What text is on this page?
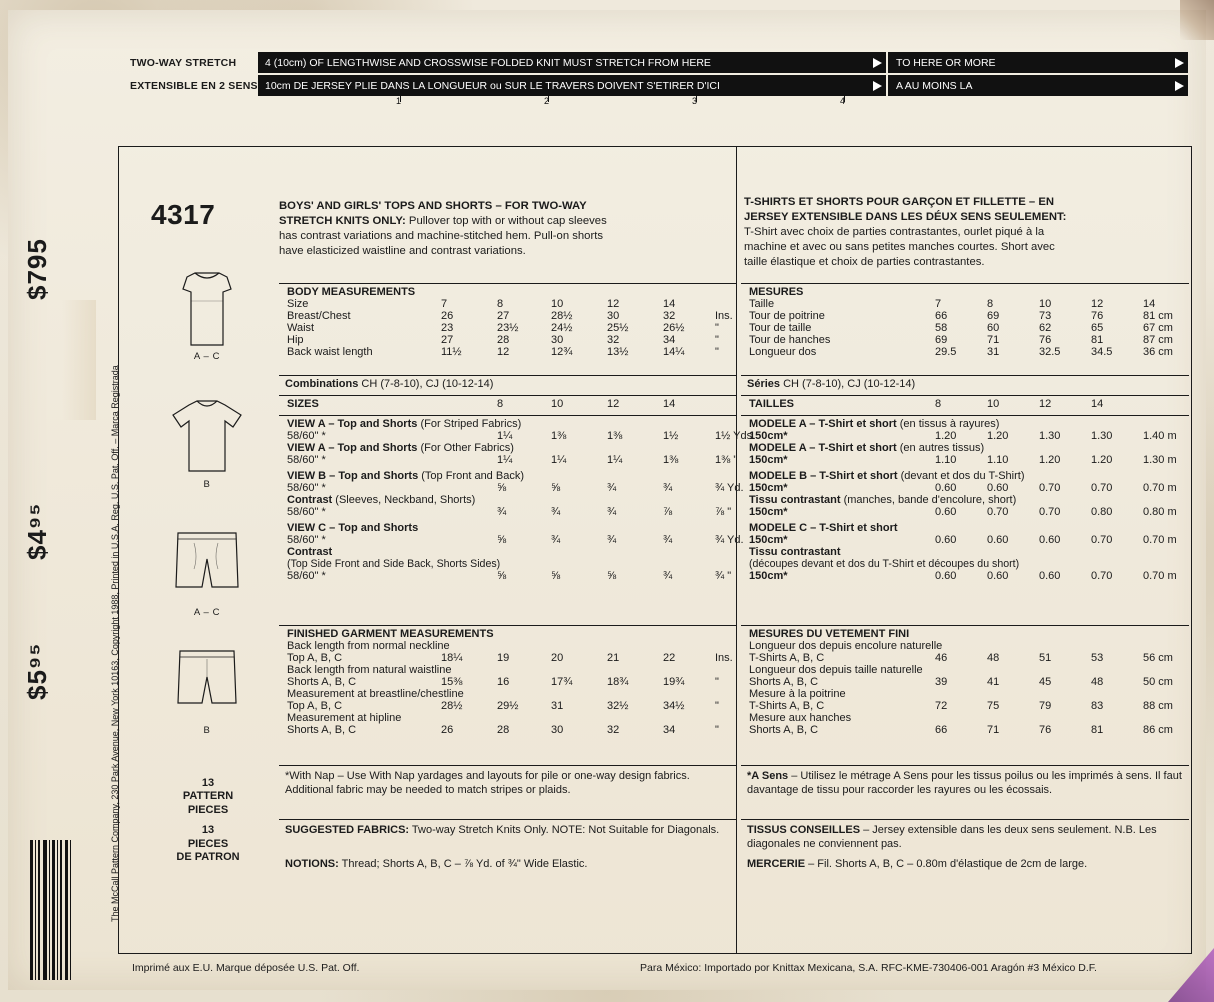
TWO-WAY STRETCH	4 (10cm) OF LENGTHWISE AND CROSSWISE FOLDED KNIT MUST STRETCH FROM HERE	TO HERE OR MORE
EXTENSIBLE EN 2 SENS 10cm DE JERSEY PLIE DANS LA LONGUEUR ou SUR LE TRAVERS DOIVENT S'ETIRER D'ICI	A AU MOINS LA
1	2	3	4
The McCall Pattern Company, 230 Park Avenue, New York 10163, Copyright 1988, Printed in U.S.A. Reg. U.S. Pat. Off. – Marca Registrada
$795
$4⁹⁵
$5⁹⁵
4317	BOYS' AND GIRLS' TOPS AND SHORTS – FOR TWO-WAY STRETCH KNITS ONLY: Pullover top with or without cap sleeves has contrast variations and machine-stitched hem. Pull-on shorts have elasticized waistline and contrast variations.
T-SHIRTS ET SHORTS POUR GARÇON ET FILLETTE – EN JERSEY EXTENSIBLE DANS LES DÉUX SENS SEULEMENT: T-Shirt avec choix de parties contrastantes, ourlet piqué à la machine et avec ou sans petites manches courtes. Short avec taille élastique et choix de parties contrastantes.
A – C
B
A – C
B
13
PATTERN
PIECES
13
PIECES
DE PATRON
BODY MEASUREMENTS						
Size	7	8	10	12	14	
Breast/Chest	26	27	28½	30	32	Ins.
Waist	23	23½	24½	25½	26½	"
Hip	27	28	30	32	34	"
Back waist length	11½	12	12¾	13½	14¼	"
Combinations CH (7-8-10), CJ (10-12-14)
SIZES		8	10	12	14
VIEW A – Top and Shorts (For Striped Fabrics)						
58/60" *		1¼	1⅜	1⅜	1½	1½ Yds.
VIEW A – Top and Shorts (For Other Fabrics)						
58/60" *		1¼	1¼	1¼	1⅜	1⅜ "
VIEW B – Top and Shorts (Top Front and Back)						
58/60" *		⅝	⅝	¾	¾	¾ Yd.
Contrast (Sleeves, Neckband, Shorts)						
58/60" *		¾	¾	¾	⅞	⅞ "
VIEW C – Top and Shorts						
58/60" *		⅝	¾	¾	¾	¾ Yd.
Contrast						
(Top Side Front and Side Back, Shorts Sides)						
58/60" *		⅝	⅝	⅝	¾	¾ "
FINISHED GARMENT MEASUREMENTS						
Back length from normal neckline						
Top A, B, C	18¼	19	20	21	22	Ins.
Back length from natural waistline						
Shorts A, B, C	15⅜	16	17¾	18¾	19¾	"
Measurement at breastline/chestline						
Top A, B, C	28½	29½	31	32½	34½	"
Measurement at hipline						
Shorts A, B, C	26	28	30	32	34	"
*With Nap – Use With Nap yardages and layouts for pile or one-way design fabrics. Additional fabric may be needed to match stripes or plaids.
SUGGESTED FABRICS: Two-way Stretch Knits Only. NOTE: Not Suitable for Diagonals.
NOTIONS: Thread; Shorts A, B, C – ⅞ Yd. of ¾" Wide Elastic.
MESURES					
Taille	7	8	10	12	14
Tour de poitrine	66	69	73	76	81 cm
Tour de taille	58	60	62	65	67 cm
Tour de hanches	69	71	76	81	87 cm
Longueur dos	29.5	31	32.5	34.5	36 cm
Séries CH (7-8-10), CJ (10-12-14)
TAILLES	8	10	12	14
MODELE A – T-Shirt et short (en tissus à rayures)					
150cm*	1.20	1.20	1.30	1.30	1.40 m
MODELE A – T-Shirt et short (en autres tissus)					
150cm*	1.10	1.10	1.20	1.20	1.30 m
MODELE B – T-Shirt et short (devant et dos du T-Shirt)					
150cm*	0.60	0.60	0.70	0.70	0.70 m
Tissu contrastant (manches, bande d'encolure, short)					
150cm*	0.60	0.70	0.70	0.80	0.80 m
MODELE C – T-Shirt et short					
150cm*	0.60	0.60	0.60	0.70	0.70 m
Tissu contrastant					
(découpes devant et dos du T-Shirt et découpes du short)					
150cm*	0.60	0.60	0.60	0.70	0.70 m
MESURES DU VETEMENT FINI					
Longueur dos depuis encolure naturelle					
T-Shirts A, B, C	46	48	51	53	56 cm
Longueur dos depuis taille naturelle					
Shorts A, B, C	39	41	45	48	50 cm
Mesure à la poitrine					
T-Shirts A, B, C	72	75	79	83	88 cm
Mesure aux hanches					
Shorts A, B, C	66	71	76	81	86 cm
*A Sens – Utilisez le métrage A Sens pour les tissus poilus ou les imprimés à sens. Il faut davantage de tissu pour raccorder les rayures ou les écossais.
TISSUS CONSEILLES – Jersey extensible dans les deux sens seulement. N.B. Les diagonales ne conviennent pas.
MERCERIE – Fil. Shorts A, B, C – 0.80m d'élastique de 2cm de large.
Imprimé aux E.U. Marque déposée U.S. Pat. Off.	Para México: Importado por Knittax Mexicana, S.A. RFC-KME-730406-001 Aragón #3 México D.F.
